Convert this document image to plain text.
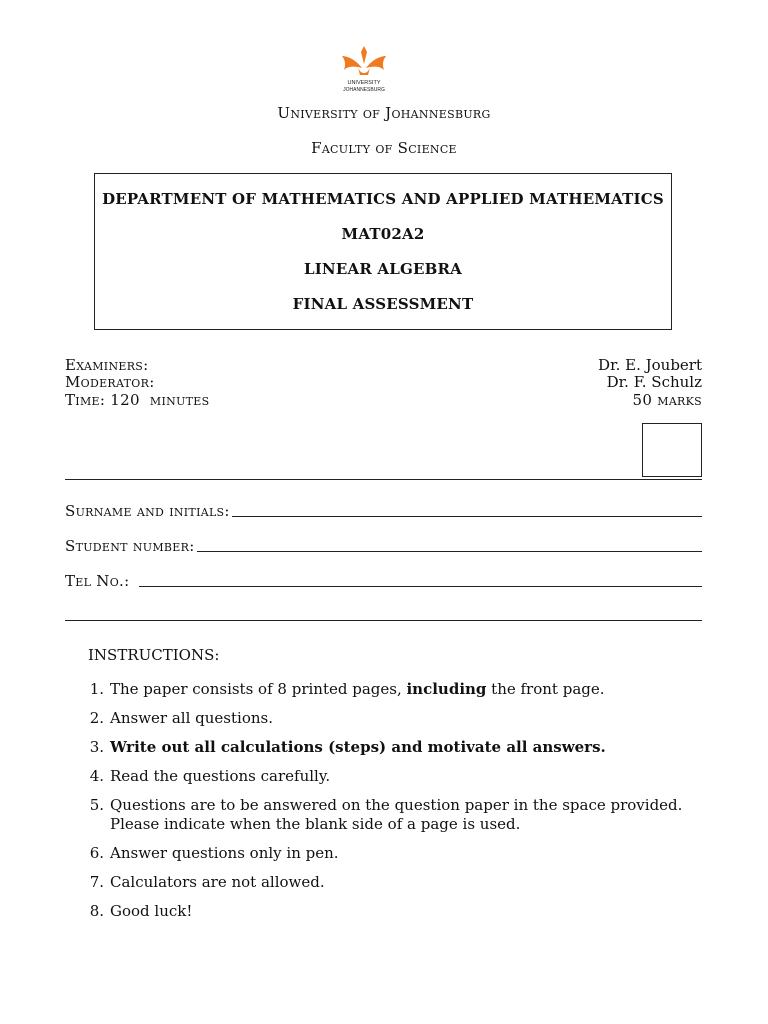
UNIVERSITY
JOHANNESBURG
University of Johannesburg
Faculty of Science
DEPARTMENT OF MATHEMATICS AND APPLIED MATHEMATICS
MAT02A2
LINEAR ALGEBRA
FINAL ASSESSMENT
Examiners:
Moderator:
Time: 120  minutes
Dr. E. Joubert
Dr. F. Schulz
50 marks
Surname and initials:
Student number:
Tel No.:
INSTRUCTIONS:
1. The paper consists of 8 printed pages, including the front page.
2. Answer all questions.
3. Write out all calculations (steps) and motivate all answers.
4. Read the questions carefully.
5. Questions are to be answered on the question paper in the space provided.
Please indicate when the blank side of a page is used.
6. Answer questions only in pen.
7. Calculators are not allowed.
8. Good luck!
